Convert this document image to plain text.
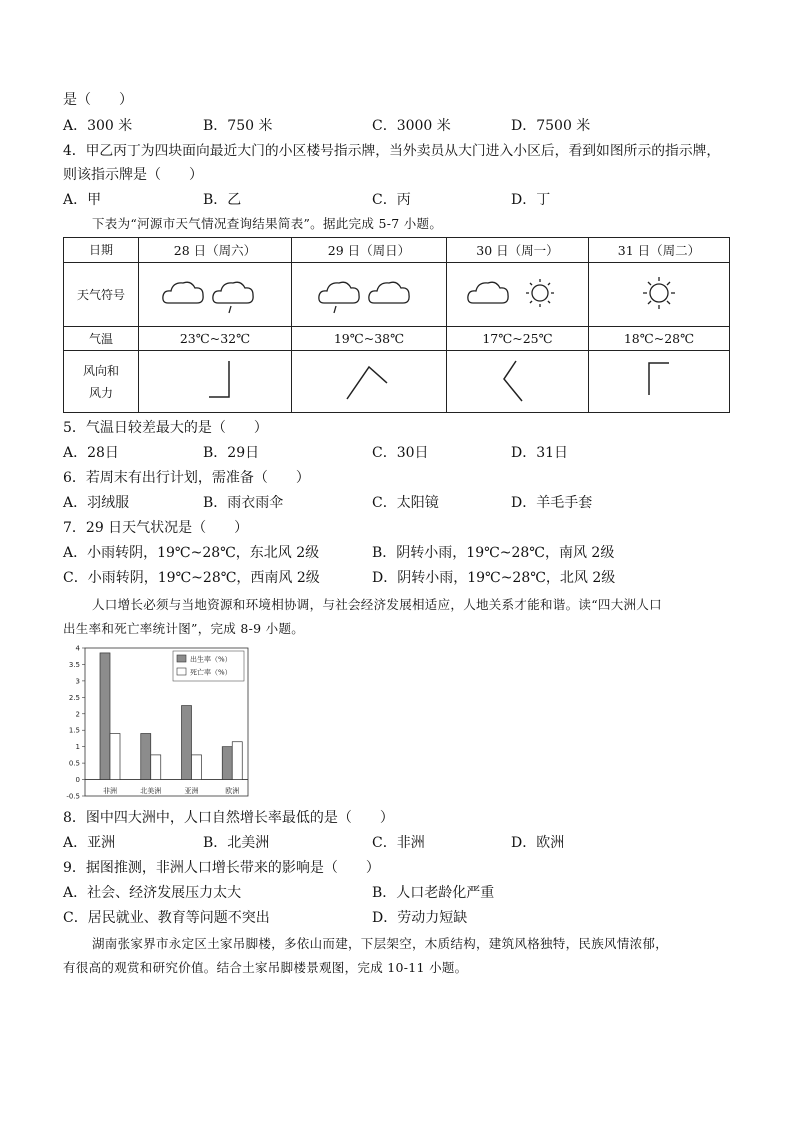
是（　　）
A．300 米	B．750 米	C．3000 米	D．7500 米
4．甲乙丙丁为四块面向最近大门的小区楼号指示牌，当外卖员从大门进入小区后，看到如图所示的指示牌，
则该指示牌是（　　）
A．甲	B．乙	C．丙	D．丁
下表为“河源市天气情况查询结果简表”。据此完成 5-7 小题。
日期	28 日（周六）	29 日（周日）	30 日（周一）	31 日（周二）
天气符号				
气温	23℃~32℃	19℃~38℃	17℃~25℃	18℃~28℃

风向和
风力

5．气温日较差最大的是（　　）
A．28日	B．29日	C．30日	D．31日
6．若周末有出行计划，需准备（　　）
A．羽绒服	B．雨衣雨伞	C．太阳镜	D．羊毛手套
7．29 日天气状况是（　　）
A．小雨转阴，19℃~28℃，东北风 2级	B．阴转小雨，19℃~28℃，南风 2级
C．小雨转阴，19℃~28℃，西南风 2级	D．阴转小雨，19℃~28℃，北风 2级
人口增长必须与当地资源和环境相协调，与社会经济发展相适应，人地关系才能和谐。读“四大洲人口
出生率和死亡率统计图”，完成 8-9 小题。
4
3.5
3
2.5
2
1.5
1
0.5
0
-0.5
非洲	北美洲	亚洲	欧洲
出生率（%）
死亡率（%）
8．图中四大洲中，人口自然增长率最低的是（　　）
A．亚洲	B．北美洲	C．非洲	D．欧洲
9．据图推测，非洲人口增长带来的影响是（　　）
A．社会、经济发展压力太大	B．人口老龄化严重
C．居民就业、教育等问题不突出	D．劳动力短缺
湖南张家界市永定区土家吊脚楼，多依山而建，下层架空，木质结构，建筑风格独特，民族风情浓郁，
有很高的观赏和研究价值。结合土家吊脚楼景观图，完成 10-11 小题。
